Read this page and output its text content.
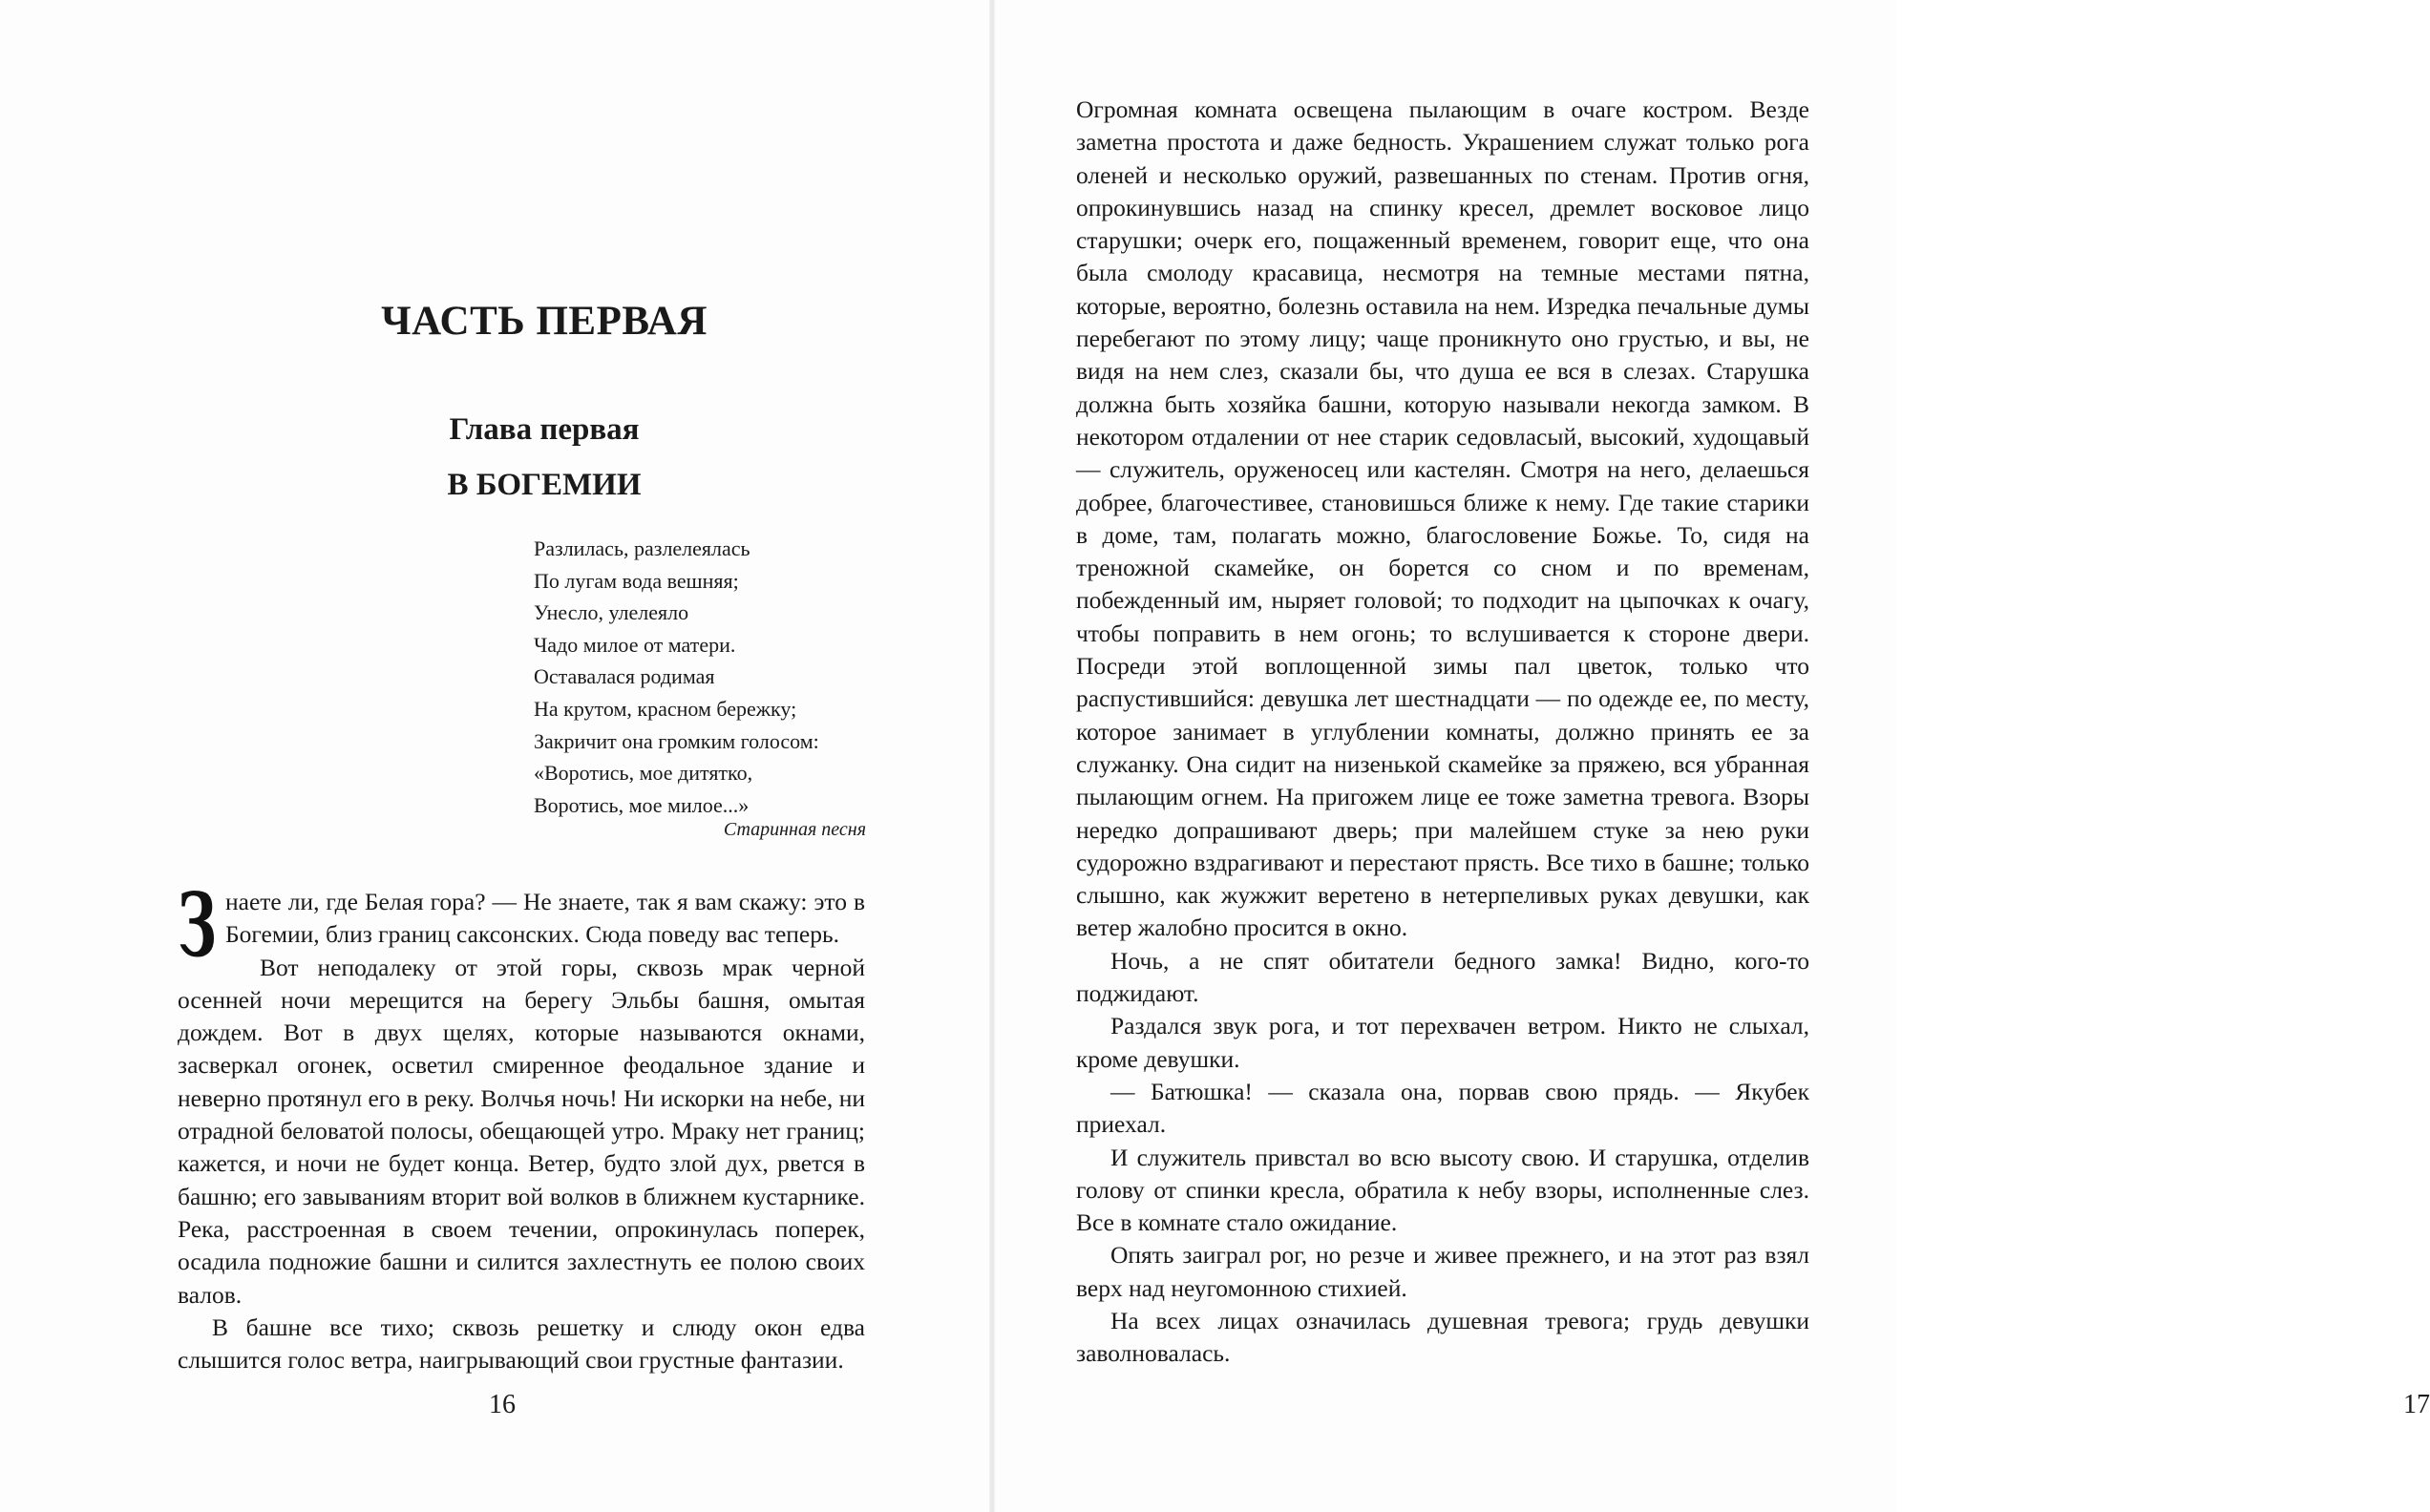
ЧАСТЬ ПЕРВАЯ
Глава первая
В БОГЕМИИ
Разлилась, разлелеялась
По лугам вода вешняя;
Унесло, улелеяло
Чадо милое от матери.
Оставалася родимая
На крутом, красном бережку;
Закричит она громким голосом:
«Воротись, мое дитятко,
Воротись, мое милое...»
Старинная песня

Знаете ли, где Белая гора? — Не знаете, так я вам скажу: это в Богемии, близ границ саксонских. Сюда поведу вас теперь.

Вот неподалеку от этой горы, сквозь мрак черной осенней ночи мерещится на берегу Эльбы башня, омытая дождем. Вот в двух щелях, которые называются окнами, засверкал огонек, осветил смиренное феодальное здание и неверно протянул его в реку. Волчья ночь! Ни искорки на небе, ни отрадной беловатой полосы, обещающей утро. Мраку нет границ; кажется, и ночи не будет конца. Ветер, будто злой дух, рвется в башню; его завываниям вторит вой волков в ближнем кустарнике. Река, расстроенная в своем течении, опрокинулась поперек, осадила подножие башни и силится захлестнуть ее полою своих валов.

В башне все тихо; сквозь решетку и слюду окон едва слышится голос ветра, наигрывающий свои грустные фантазии.

16

Огромная комната освещена пылающим в очаге костром. Везде заметна простота и даже бедность. Украшением служат только рога оленей и несколько оружий, развешанных по стенам. Против огня, опрокинувшись назад на спинку кресел, дремлет восковое лицо старушки; очерк его, пощаженный временем, говорит еще, что она была смолоду красавица, несмотря на темные местами пятна, которые, вероятно, болезнь оставила на нем. Изредка печальные думы перебегают по этому лицу; чаще проникнуто оно грустью, и вы, не видя на нем слез, сказали бы, что душа ее вся в слезах. Старушка должна быть хозяйка башни, которую называли некогда замком. В некотором отдалении от нее старик седовласый, высокий, худощавый — служитель, оруженосец или кастелян. Смотря на него, делаешься добрее, благочестивее, становишься ближе к нему. Где такие старики в доме, там, полагать можно, благословение Божье. То, сидя на треножной скамейке, он борется со сном и по временам, побежденный им, ныряет головой; то подходит на цыпочках к очагу, чтобы поправить в нем огонь; то вслушивается к стороне двери. Посреди этой воплощенной зимы пал цветок, только что распустившийся: девушка лет шестнадцати — по одежде ее, по месту, которое занимает в углублении комнаты, должно принять ее за служанку. Она сидит на низенькой скамейке за пряжею, вся убранная пылающим огнем. На пригожем лице ее тоже заметна тревога. Взоры нередко допрашивают дверь; при малейшем стуке за нею руки судорожно вздрагивают и перестают прясть. Все тихо в башне; только слышно, как жужжит веретено в нетерпеливых руках девушки, как ветер жалобно просится в окно.

Ночь, а не спят обитатели бедного замка! Видно, кого-то поджидают.

Раздался звук рога, и тот перехвачен ветром. Никто не слыхал, кроме девушки.

— Батюшка! — сказала она, порвав свою прядь. — Якубек приехал.

И служитель привстал во всю высоту свою. И старушка, отделив голову от спинки кресла, обратила к небу взоры, исполненные слез. Все в комнате стало ожидание.

Опять заиграл рог, но резче и живее прежнего, и на этот раз взял верх над неугомонною стихией.

На всех лицах означилась душевная тревога; грудь девушки заволновалась.

17
